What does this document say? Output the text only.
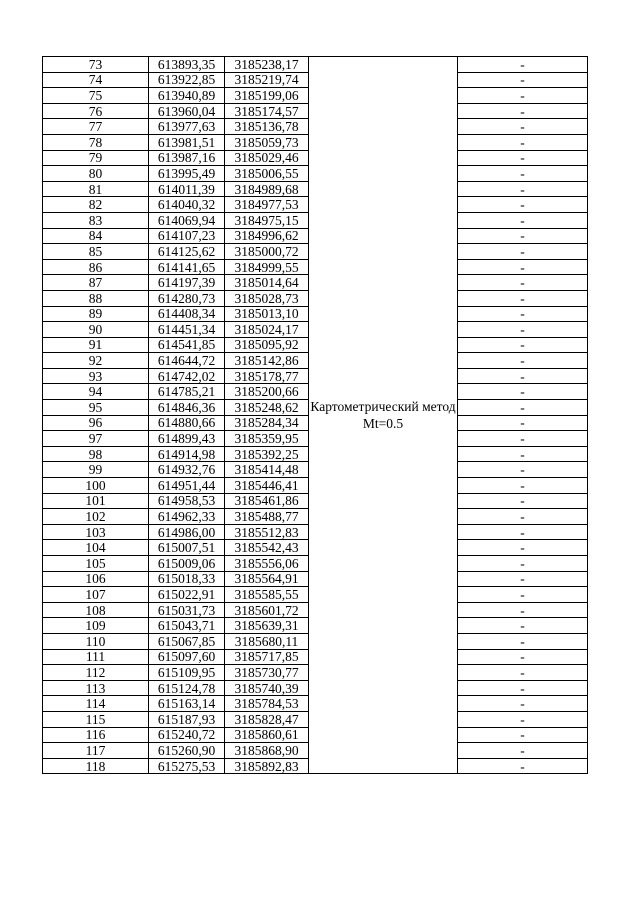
73	613893,35	3185238,17	Картометрический метод Mt=0.5	-
74	613922,85	3185219,74		-
75	613940,89	3185199,06		-
76	613960,04	3185174,57		-
77	613977,63	3185136,78		-
78	613981,51	3185059,73		-
79	613987,16	3185029,46		-
80	613995,49	3185006,55		-
81	614011,39	3184989,68		-
82	614040,32	3184977,53		-
83	614069,94	3184975,15		-
84	614107,23	3184996,62		-
85	614125,62	3185000,72		-
86	614141,65	3184999,55		-
87	614197,39	3185014,64		-
88	614280,73	3185028,73		-
89	614408,34	3185013,10		-
90	614451,34	3185024,17		-
91	614541,85	3185095,92		-
92	614644,72	3185142,86		-
93	614742,02	3185178,77		-
94	614785,21	3185200,66		-
95	614846,36	3185248,62		-
96	614880,66	3185284,34		-
97	614899,43	3185359,95		-
98	614914,98	3185392,25		-
99	614932,76	3185414,48		-
100	614951,44	3185446,41		-
101	614958,53	3185461,86		-
102	614962,33	3185488,77		-
103	614986,00	3185512,83		-
104	615007,51	3185542,43		-
105	615009,06	3185556,06		-
106	615018,33	3185564,91		-
107	615022,91	3185585,55		-
108	615031,73	3185601,72		-
109	615043,71	3185639,31		-
110	615067,85	3185680,11		-
111	615097,60	3185717,85		-
112	615109,95	3185730,77		-
113	615124,78	3185740,39		-
114	615163,14	3185784,53		-
115	615187,93	3185828,47		-
116	615240,72	3185860,61		-
117	615260,90	3185868,90		-
118	615275,53	3185892,83		-
